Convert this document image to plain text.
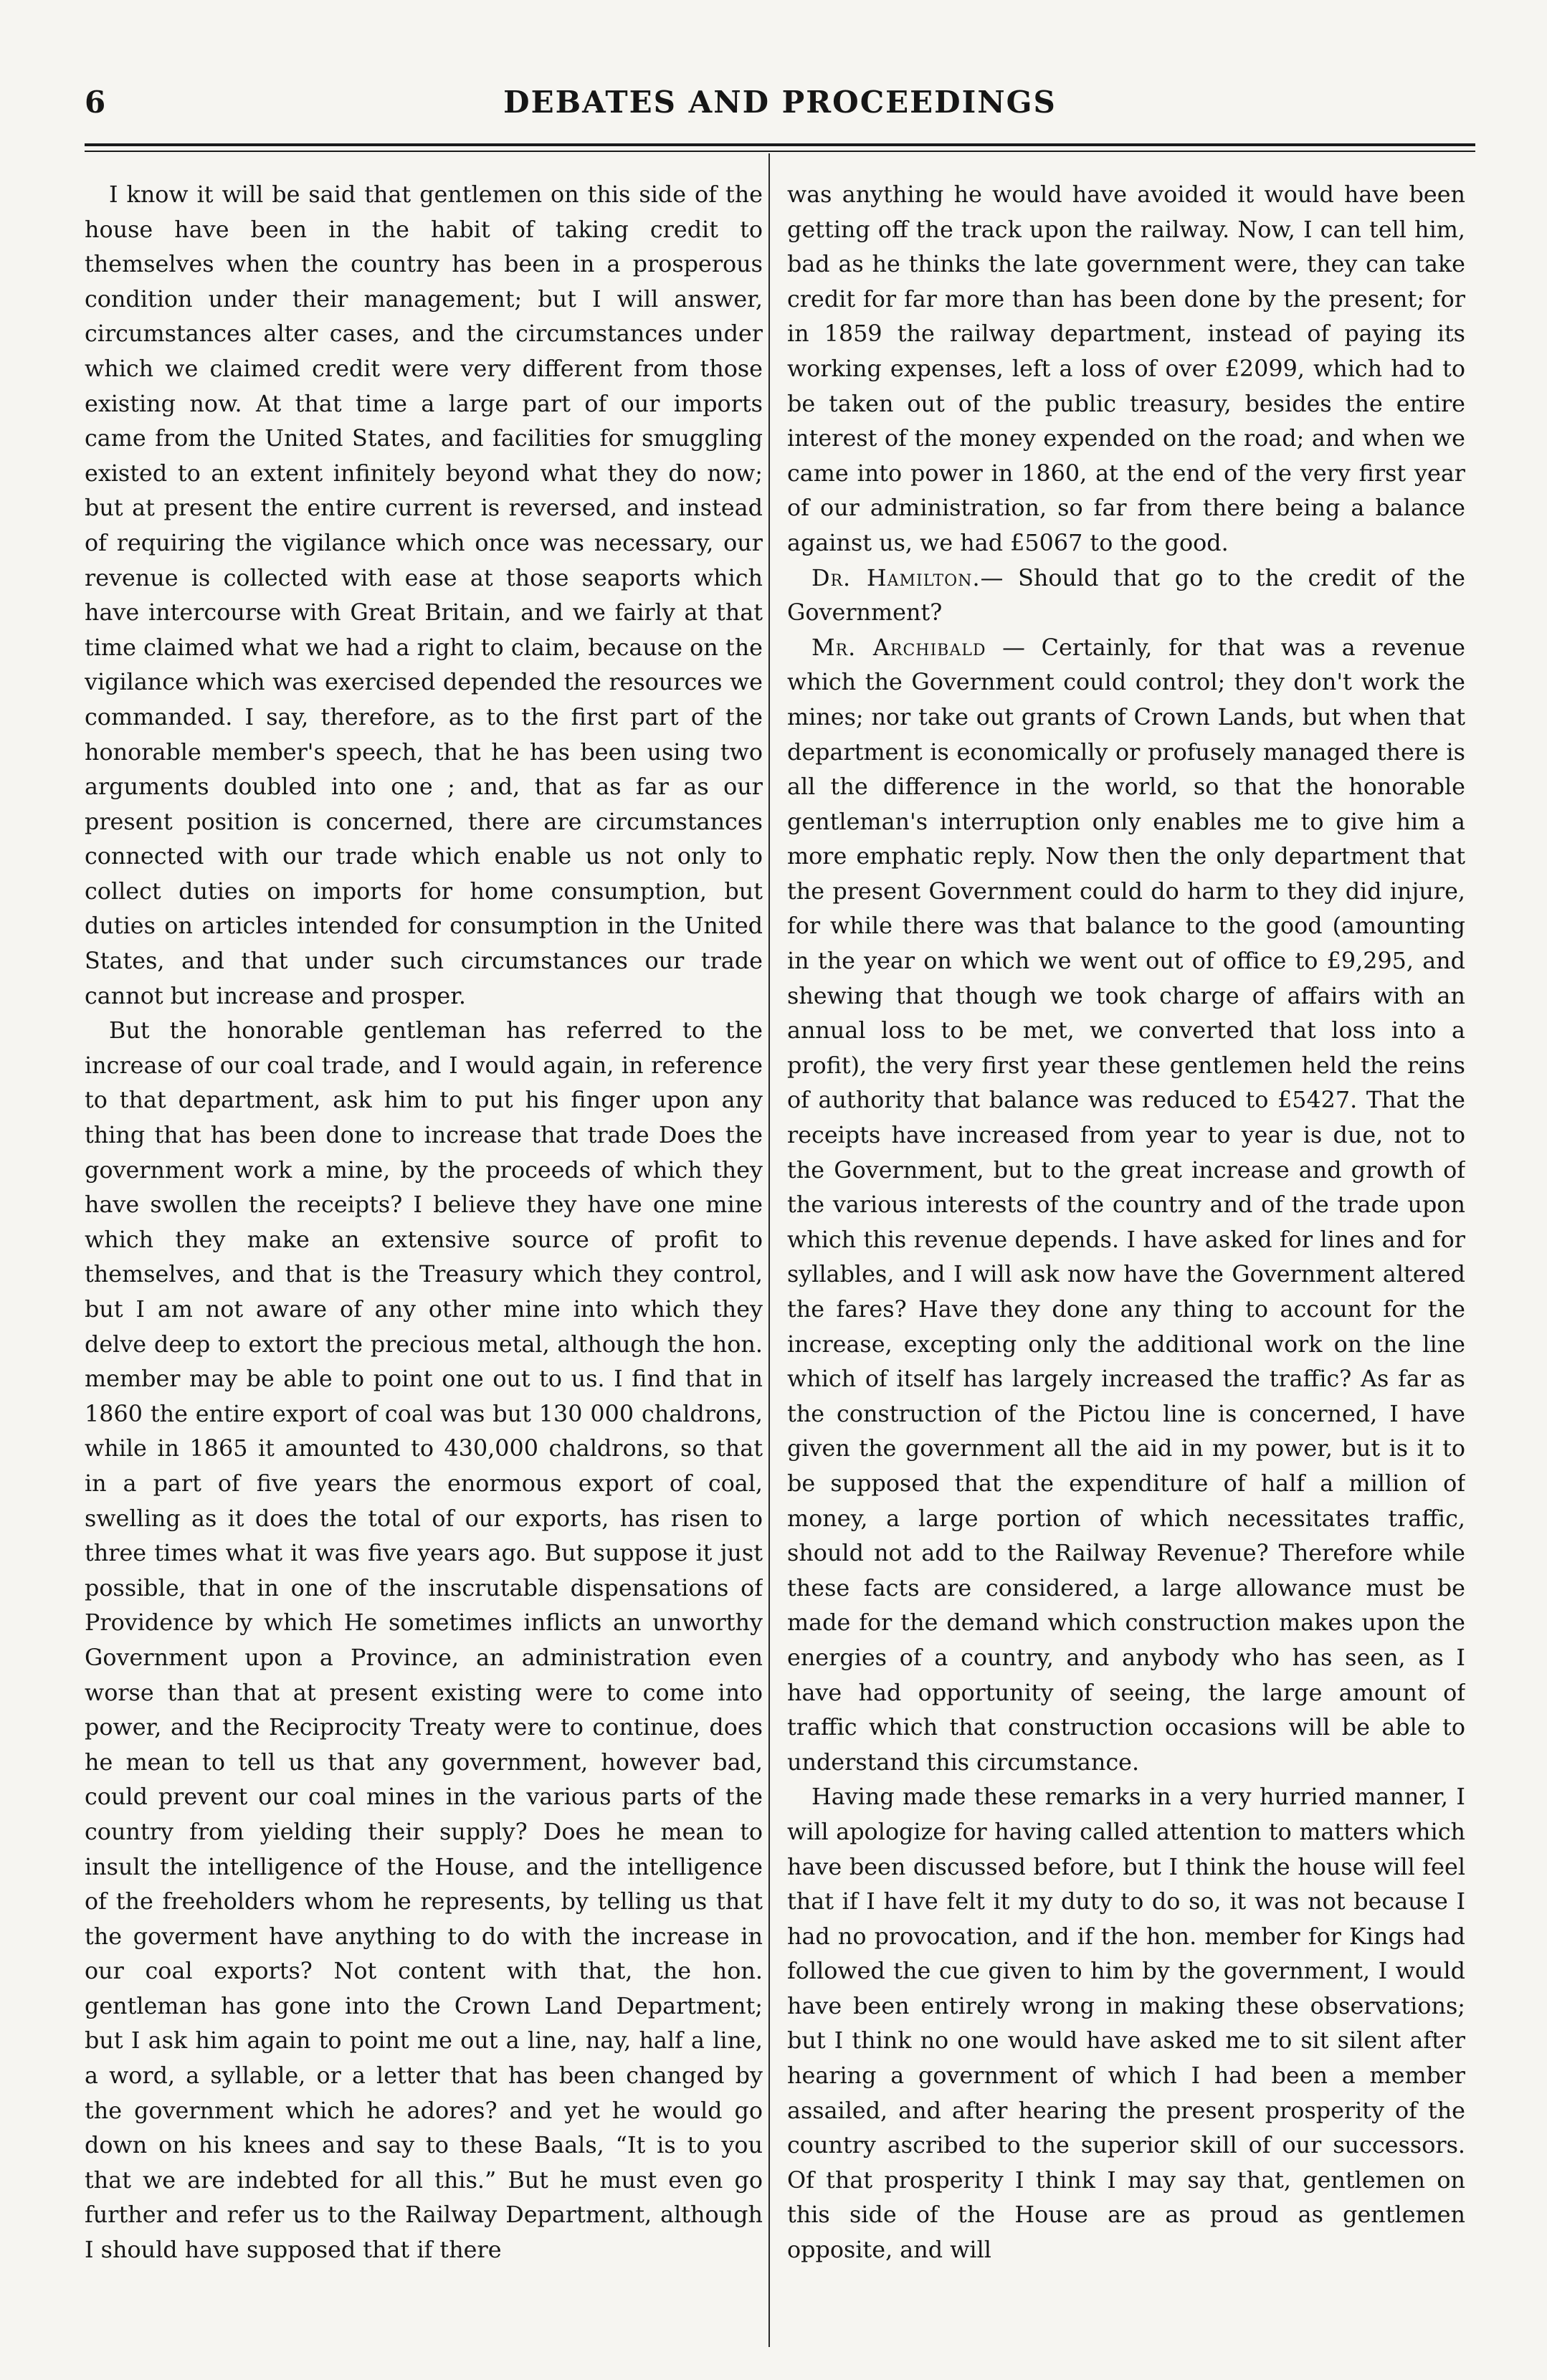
6	DEBATES AND PROCEEDINGS

I know it will be said that gentlemen on this side of the house have been in the habit of taking credit to themselves when the country has been in a prosperous condition under their management; but I will answer, circumstances alter cases, and the circumstances under which we claimed credit were very different from those existing now. At that time a large part of our imports came from the United States, and facilities for smuggling existed to an extent infinitely beyond what they do now; but at present the entire current is reversed, and instead of requiring the vigilance which once was necessary, our revenue is collected with ease at those seaports which have intercourse with Great Britain, and we fairly at that time claimed what we had a right to claim, because on the vigilance which was exercised depended the resources we commanded. I say, therefore, as to the first part of the honorable member's speech, that he has been using two arguments doubled into one ; and, that as far as our present position is concerned, there are circumstances connected with our trade which enable us not only to collect duties on imports for home consumption, but duties on articles intended for consumption in the United States, and that under such circumstances our trade cannot but increase and prosper.

But the honorable gentleman has referred to the increase of our coal trade, and I would again, in reference to that department, ask him to put his finger upon any thing that has been done to increase that trade Does the government work a mine, by the proceeds of which they have swollen the receipts? I believe they have one mine which they make an extensive source of profit to themselves, and that is the Treasury which they control, but I am not aware of any other mine into which they delve deep to extort the precious metal, although the hon. member may be able to point one out to us. I find that in 1860 the entire export of coal was but 130 000 chaldrons, while in 1865 it amounted to 430,000 chaldrons, so that in a part of five years the enormous export of coal, swelling as it does the total of our exports, has risen to three times what it was five years ago. But suppose it just possible, that in one of the inscrutable dispensations of Providence by which He sometimes inflicts an unworthy Government upon a Province, an administration even worse than that at present existing were to come into power, and the Reciprocity Treaty were to continue, does he mean to tell us that any government, however bad, could prevent our coal mines in the various parts of the country from yielding their supply? Does he mean to insult the intelligence of the House, and the intelligence of the freeholders whom he represents, by telling us that the goverment have anything to do with the increase in our coal exports? Not content with that, the hon. gentleman has gone into the Crown Land Department; but I ask him again to point me out a line, nay, half a line, a word, a syllable, or a letter that has been changed by the government which he adores? and yet he would go down on his knees and say to these Baals, “It is to you that we are indebted for all this.” But he must even go further and refer us to the Railway Department, although I should have supposed that if there

was anything he would have avoided it would have been getting off the track upon the railway. Now, I can tell him, bad as he thinks the late government were, they can take credit for far more than has been done by the present; for in 1859 the railway department, instead of paying its working expenses, left a loss of over £2099, which had to be taken out of the public treasury, besides the entire interest of the money expended on the road; and when we came into power in 1860, at the end of the very first year of our administration, so far from there being a balance against us, we had £5067 to the good.

Dr. Hamilton.— Should that go to the credit of the Government?

Mr. Archibald — Certainly, for that was a revenue which the Government could control; they don't work the mines; nor take out grants of Crown Lands, but when that department is economically or profusely managed there is all the difference in the world, so that the honorable gentleman's interruption only enables me to give him a more emphatic reply. Now then the only department that the present Government could do harm to they did injure, for while there was that balance to the good (amounting in the year on which we went out of office to £9,295, and shewing that though we took charge of affairs with an annual loss to be met, we converted that loss into a profit), the very first year these gentlemen held the reins of authority that balance was reduced to £5427. That the receipts have increased from year to year is due, not to the Government, but to the great increase and growth of the various interests of the country and of the trade upon which this revenue depends. I have asked for lines and for syllables, and I will ask now have the Government altered the fares? Have they done any thing to account for the increase, excepting only the additional work on the line which of itself has largely increased the traffic? As far as the construction of the Pictou line is concerned, I have given the government all the aid in my power, but is it to be supposed that the expenditure of half a million of money, a large portion of which necessitates traffic, should not add to the Railway Revenue? Therefore while these facts are considered, a large allowance must be made for the demand which construction makes upon the energies of a country, and anybody who has seen, as I have had opportunity of seeing, the large amount of traffic which that construction occasions will be able to understand this circumstance.

Having made these remarks in a very hurried manner, I will apologize for having called attention to matters which have been discussed before, but I think the house will feel that if I have felt it my duty to do so, it was not because I had no provocation, and if the hon. member for Kings had followed the cue given to him by the government, I would have been entirely wrong in making these observations; but I think no one would have asked me to sit silent after hearing a government of which I had been a member assailed, and after hearing the present prosperity of the country ascribed to the superior skill of our successors. Of that prosperity I think I may say that, gentlemen on this side of the House are as proud as gentlemen opposite, and will
